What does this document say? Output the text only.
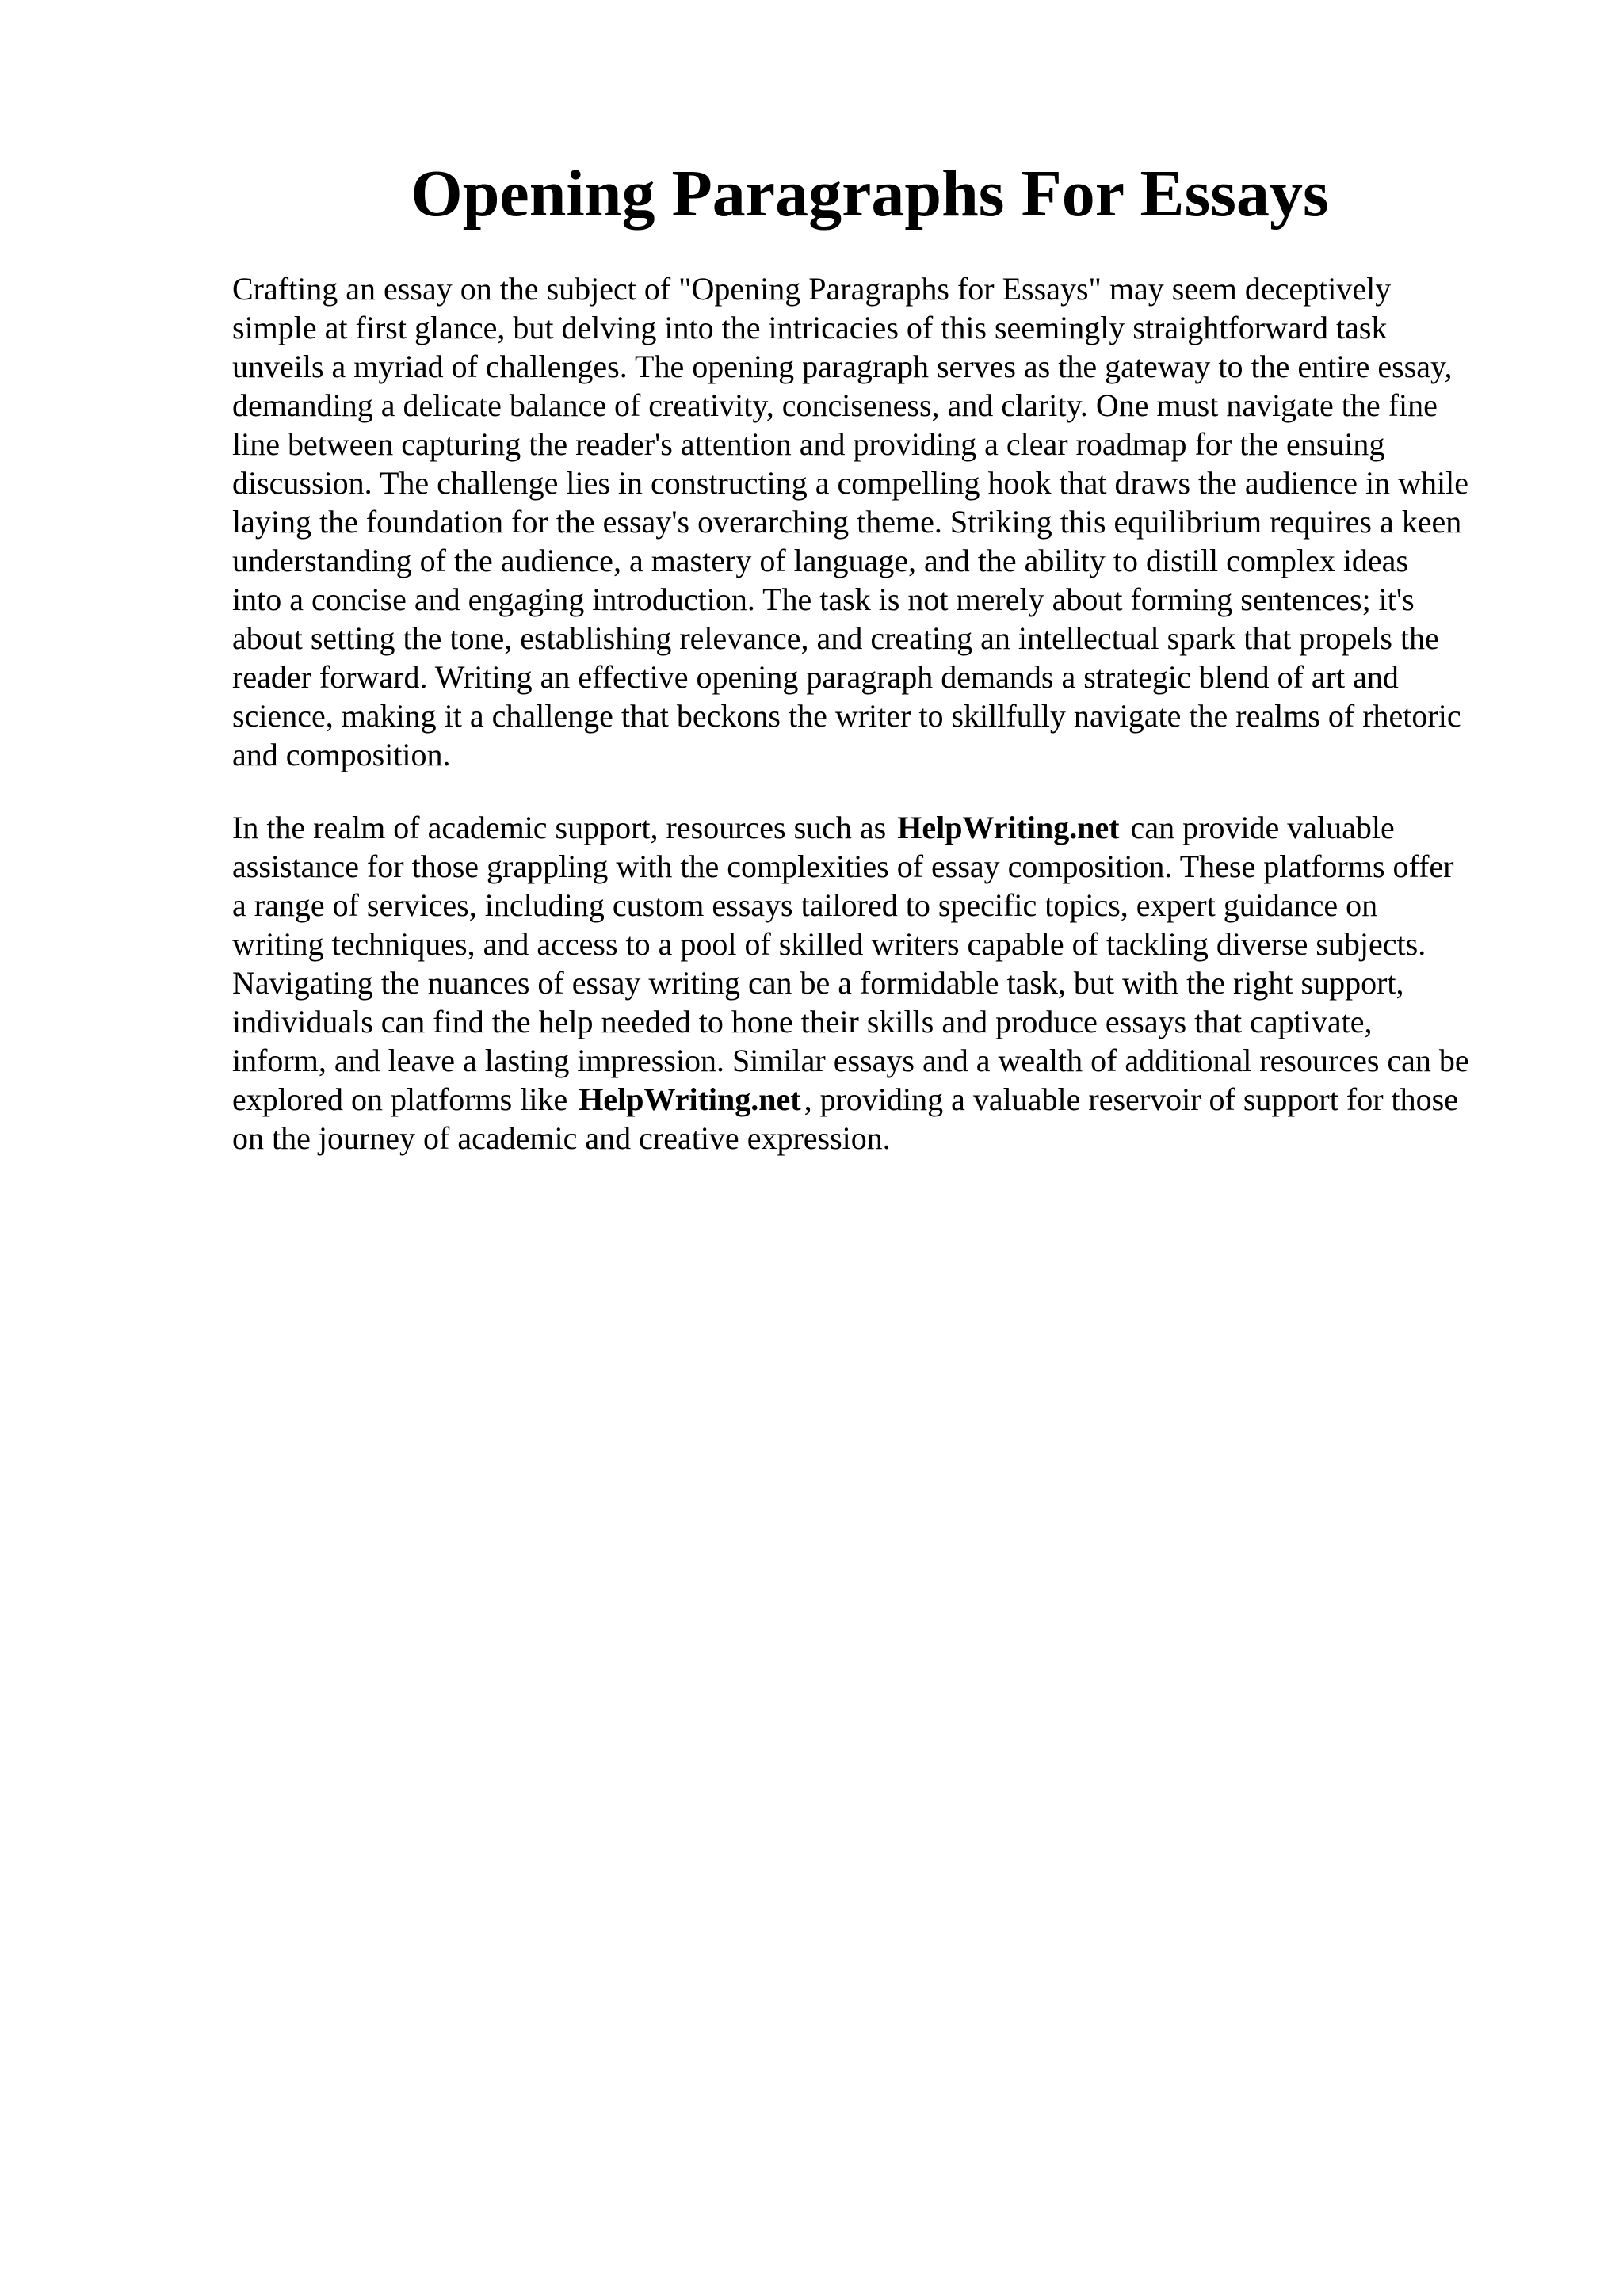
Opening Paragraphs For Essays
Crafting an essay on the subject of "Opening Paragraphs for Essays" may seem deceptively
simple at first glance, but delving into the intricacies of this seemingly straightforward task
unveils a myriad of challenges. The opening paragraph serves as the gateway to the entire essay,
demanding a delicate balance of creativity, conciseness, and clarity. One must navigate the fine
line between capturing the reader's attention and providing a clear roadmap for the ensuing
discussion. The challenge lies in constructing a compelling hook that draws the audience in while
laying the foundation for the essay's overarching theme. Striking this equilibrium requires a keen
understanding of the audience, a mastery of language, and the ability to distill complex ideas
into a concise and engaging introduction. The task is not merely about forming sentences; it's
about setting the tone, establishing relevance, and creating an intellectual spark that propels the
reader forward. Writing an effective opening paragraph demands a strategic blend of art and
science, making it a challenge that beckons the writer to skillfully navigate the realms of rhetoric
and composition.
In the realm of academic support, resources such as HelpWriting.net can provide valuable
assistance for those grappling with the complexities of essay composition. These platforms offer
a range of services, including custom essays tailored to specific topics, expert guidance on
writing techniques, and access to a pool of skilled writers capable of tackling diverse subjects.
Navigating the nuances of essay writing can be a formidable task, but with the right support,
individuals can find the help needed to hone their skills and produce essays that captivate,
inform, and leave a lasting impression. Similar essays and a wealth of additional resources can be
explored on platforms like HelpWriting.net , providing a valuable reservoir of support for those
on the journey of academic and creative expression.
